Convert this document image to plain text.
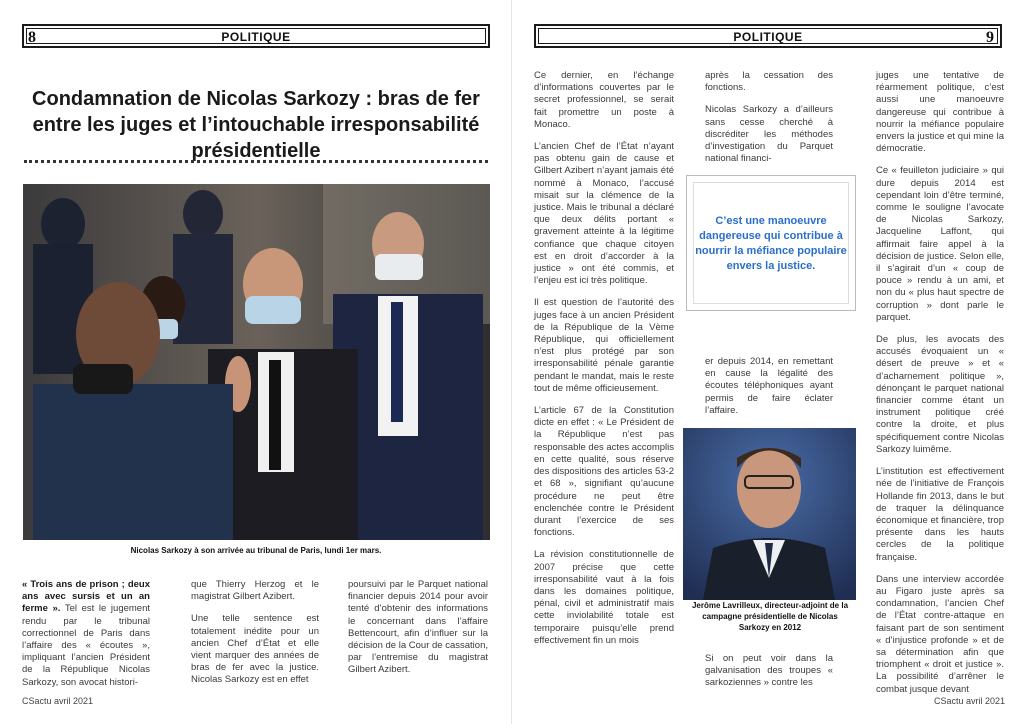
8	POLITIQUE
Condamnation de Nicolas Sarkozy : bras de fer entre les juges et l’intouchable irresponsabilité présidentielle
Nicolas Sarkozy à son arrivée au tribunal de Paris, lundi 1er mars.

« Trois ans de prison ; deux ans avec sursis et un an ferme ». Tel est le jugement rendu par le tribunal correctionnel de Paris dans l’affaire des « écoutes », impliquant l’ancien Président de la République Nicolas Sarkozy, son avocat histori-

que Thierry Herzog et le magistrat Gilbert Azibert.

Une telle sentence est totalement inédite pour un ancien Chef d’État et elle vient marquer des années de bras de fer avec la justice. Nicolas Sarkozy est en effet

poursuivi par le Parquet national financier depuis 2014 pour avoir tenté d’obtenir des informations le concernant dans l’affaire Bettencourt, afin d’influer sur la décision de la Cour de cassation, par l’entremise du magistrat Gilbert Azibert.

CSactu avril 2021
POLITIQUE	9

Ce dernier, en l’échange d’informations couvertes par le secret professionnel, se serait fait promettre un poste à Monaco.

L’ancien Chef de l’État n’ayant pas obtenu gain de cause et Gilbert Azibert n’ayant jamais été nommé à Monaco, l’accusé misait sur la clémence de la justice. Mais le tribunal a déclaré que deux délits portant « gravement atteinte à la légitime confiance que chaque citoyen est en droit d’accorder à la justice » ont été commis, et l’enjeu est ici très politique.

Il est question de l’autorité des juges face à un ancien Président de la République de la Vème République, qui officiellement n’est plus protégé par son irresponsabilité pénale garantie pendant le mandat, mais le reste tout de même officieusement.

L’article 67 de la Constitution dicte en effet : « Le Président de la République n’est pas responsable des actes accomplis en cette qualité, sous réserve des dispositions des articles 53-2 et 68 », signifiant qu’aucune procédure ne peut être enclenchée contre le Président durant l’exercice de ses fonctions.

La révision constitutionnelle de 2007 précise que cette irresponsabilité vaut à la fois dans les domaines politique, pénal, civil et administratif mais cette inviolabilité totale est temporaire puisqu’elle prend effectivement fin un mois

après la cessation des fonctions.

Nicolas Sarkozy a d’ailleurs sans cesse cherché à discréditer les méthodes d’investigation du Parquet national financi-

C’est une manoeuvre dangereuse qui contribue à nourrir la méfiance populaire envers la justice.

er depuis 2014, en remettant en cause la légalité des écoutes téléphoniques ayant permis de faire éclater l’affaire.

Jerôme Lavrilleux, directeur-adjoint de la campagne présidentielle de Nicolas Sarkozy en 2012

Si on peut voir dans la galvanisation des troupes « sarkoziennes » contre les

juges une tentative de réarmement politique, c’est aussi une manoeuvre dangereuse qui contribue à nourrir la méfiance populaire envers la justice et qui mine la démocratie.

Ce « feuilleton judiciaire » qui dure depuis 2014 est cependant loin d’être terminé, comme le souligne l’avocate de Nicolas Sarkozy, Jacqueline Laffont, qui affirmait faire appel à la décision de justice. Selon elle, il s’agirait d’un « coup de pouce » rendu à un ami, et non du « plus haut spectre de corruption » dont parle le parquet.

De plus, les avocats des accusés évoquaient un « désert de preuve » et « d’acharnement politique », dénonçant le parquet national financier comme étant un instrument politique créé contre la droite, et plus spécifiquement contre Nicolas Sarkozy luimême.

L’institution est effectivement née de l’initiative de François Hollande fin 2013, dans le but de traquer la délinquance économique et financière, trop présente dans les hauts cercles de la politique française.

Dans une interview accordée au Figaro juste après sa condamnation, l’ancien Chef de l’État contre-attaque en faisant part de son sentiment « d’injustice profonde » et de sa détermination afin que triomphent « droit et justice ». La possibilité d’arrêner le combat jusque devant

CSactu avril 2021
